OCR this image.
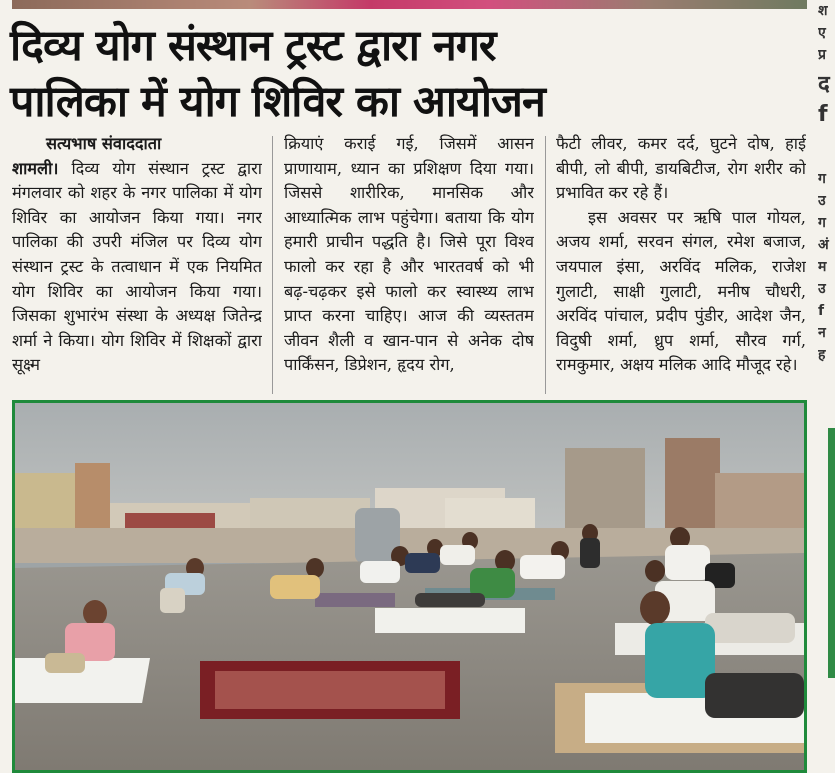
दिव्य योग संस्थान ट्रस्ट द्वारा नगर
पालिका में योग शिविर का आयोजन
सत्यभाष संवाददाता
शामली। दिव्य योग संस्थान ट्रस्ट द्वारा मंगलवार को शहर के नगर पालिका में योग शिविर का आयोजन किया गया। नगर पालिका की उपरी मंजिल पर दिव्य योग संस्थान ट्रस्ट के तत्वाधान में एक नियमित योग शिविर का आयोजन किया गया। जिसका शुभारंभ संस्था के अध्यक्ष जितेन्द्र शर्मा ने किया। योग शिविर में शिक्षकों द्वारा सूक्ष्म
क्रियाएं कराई गई, जिसमें आसन प्राणायाम, ध्यान का प्रशिक्षण दिया गया। जिससे शारीरिक, मानसिक और आध्यात्मिक लाभ पहुंचेगा। बताया कि योग हमारी प्राचीन पद्धति है। जिसे पूरा विश्व फालो कर रहा है और भारतवर्ष को भी बढ़-चढ़कर इसे फालो कर स्वास्थ्य लाभ प्राप्त करना चाहिए। आज की व्यस्ततम जीवन शैली व खान-पान से अनेक दोष पार्किंसन, डिप्रेशन, हृदय रोग,
फैटी लीवर, कमर दर्द, घुटने दोष, हाई बीपी, लो बीपी, डायबिटीज, रोग शरीर को प्रभावित कर रहे हैं।
इस अवसर पर ऋषि पाल गोयल, अजय शर्मा, सरवन संगल, रमेश बजाज, जयपाल इंसा, अरविंद मलिक, राजेश गुलाटी, साक्षी गुलाटी, मनीष चौधरी, अरविंद पांचाल, प्रदीप पुंडीर, आदेश जैन, विदुषी शर्मा, ध्रुप शर्मा, सौरव गर्ग, रामकुमार, अक्षय मलिक आदि मौजूद रहे।
श
ए
प्र
द
f
ग
उ
ग
अं
म
उ
f
न
ह
